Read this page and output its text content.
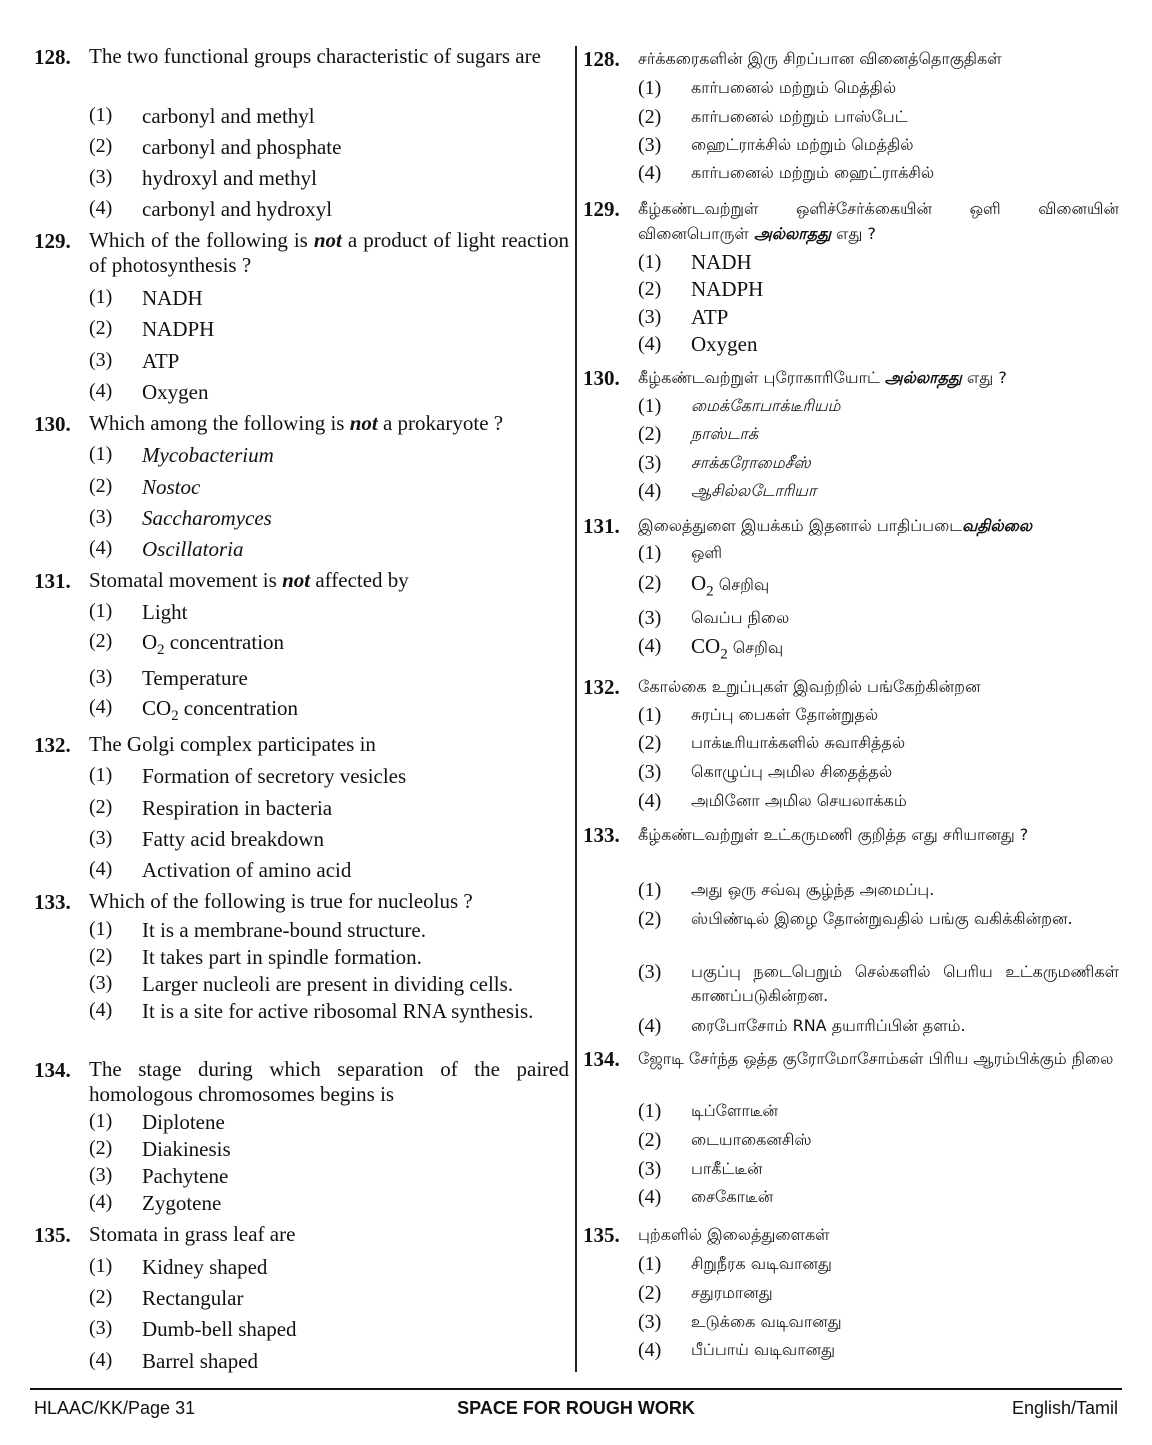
128. The two functional groups characteristic of sugars are
(1)	carbonyl and methyl
(2)	carbonyl and phosphate
(3)	hydroxyl and methyl
(4)	carbonyl and hydroxyl
129. Which of the following is not a product of light reaction of photosynthesis ?
(1)	NADH
(2)	NADPH
(3)	ATP
(4)	Oxygen
130. Which among the following is not a prokaryote ?
(1)	Mycobacterium
(2)	Nostoc
(3)	Saccharomyces
(4)	Oscillatoria
131. Stomatal movement is not affected by
(1)	Light
(2)	$O_2$ concentration
(3)	Temperature
(4)	$CO_2$ concentration
132. The Golgi complex participates in
(1)	Formation of secretory vesicles
(2)	Respiration in bacteria
(3)	Fatty acid breakdown
(4)	Activation of amino acid
133. Which of the following is true for nucleolus ?
(1)	It is a membrane-bound structure.
(2)	It takes part in spindle formation.
(3)	Larger nucleoli are present in dividing cells.
(4)	It is a site for active ribosomal RNA synthesis.
134. The stage during which separation of the paired homologous chromosomes begins is
(1)	Diplotene
(2)	Diakinesis
(3)	Pachytene
(4)	Zygotene
135. Stomata in grass leaf are
(1)	Kidney shaped
(2)	Rectangular
(3)	Dumb-bell shaped
(4)	Barrel shaped
128.	சர்க்கரைகளின் இரு சிறப்பான வினைத்தொகுதிகள்
(1)	கார்பனைல் மற்றும் மெத்தில்
(2)	கார்பனைல் மற்றும் பாஸ்பேட்
(3)	ஹைட்ராக்சில் மற்றும் மெத்தில்
(4)	கார்பனைல் மற்றும் ஹைட்ராக்சில்
129.	கீழ்கண்டவற்றுள் ஒளிச்சேர்க்கையின் ஒளி வினையின் வினைபொருள் அல்லாதது எது ?
(1)	NADH
(2)	NADPH
(3)	ATP
(4)	Oxygen
130.	கீழ்கண்டவற்றுள் புரோகாரியோட் அல்லாதது எது ?
(1)	மைக்கோபாக்டீரியம்
(2)	நாஸ்டாக்
(3)	சாக்கரோமைசீஸ்
(4)	ஆசில்லடோரியா
131.	இலைத்துளை இயக்கம் இதனால் பாதிப்படைவதில்லை
(1)	ஒளி
(2)	$O_2$ செறிவு
(3)	வெப்ப நிலை
(4)	$CO_2$ செறிவு
132.	கோல்கை உறுப்புகள் இவற்றில் பங்கேற்கின்றன
(1)	சுரப்பு பைகள் தோன்றுதல்
(2)	பாக்டீரியாக்களில் சுவாசித்தல்
(3)	கொழுப்பு அமில சிதைத்தல்
(4)	அமினோ அமில செயலாக்கம்
133.	கீழ்கண்டவற்றுள் உட்கருமணி குறித்த எது சரியானது ?
(1)	அது ஒரு சவ்வு சூழ்ந்த அமைப்பு.
(2)	ஸ்பிண்டில் இழை தோன்றுவதில் பங்கு வகிக்கின்றன.
(3)	பகுப்பு நடைபெறும் செல்களில் பெரிய உட்கருமணிகள் காணப்படுகின்றன.
(4)	ரைபோசோம் RNA தயாரிப்பின் தளம்.
134.	ஜோடி சேர்ந்த ஒத்த குரோமோசோம்கள் பிரிய ஆரம்பிக்கும் நிலை
(1)	டிப்ளோடீன்
(2)	டையாகைனசிஸ்
(3)	பாகீட்டீன்
(4)	சைகோடீன்
135.	புற்களில் இலைத்துளைகள்
(1)	சிறுநீரக வடிவானது
(2)	சதுரமானது
(3)	உடுக்கை வடிவானது
(4)	பீப்பாய் வடிவானது
HLAAC/KK/Page 31	SPACE FOR ROUGH WORK	English/Tamil
